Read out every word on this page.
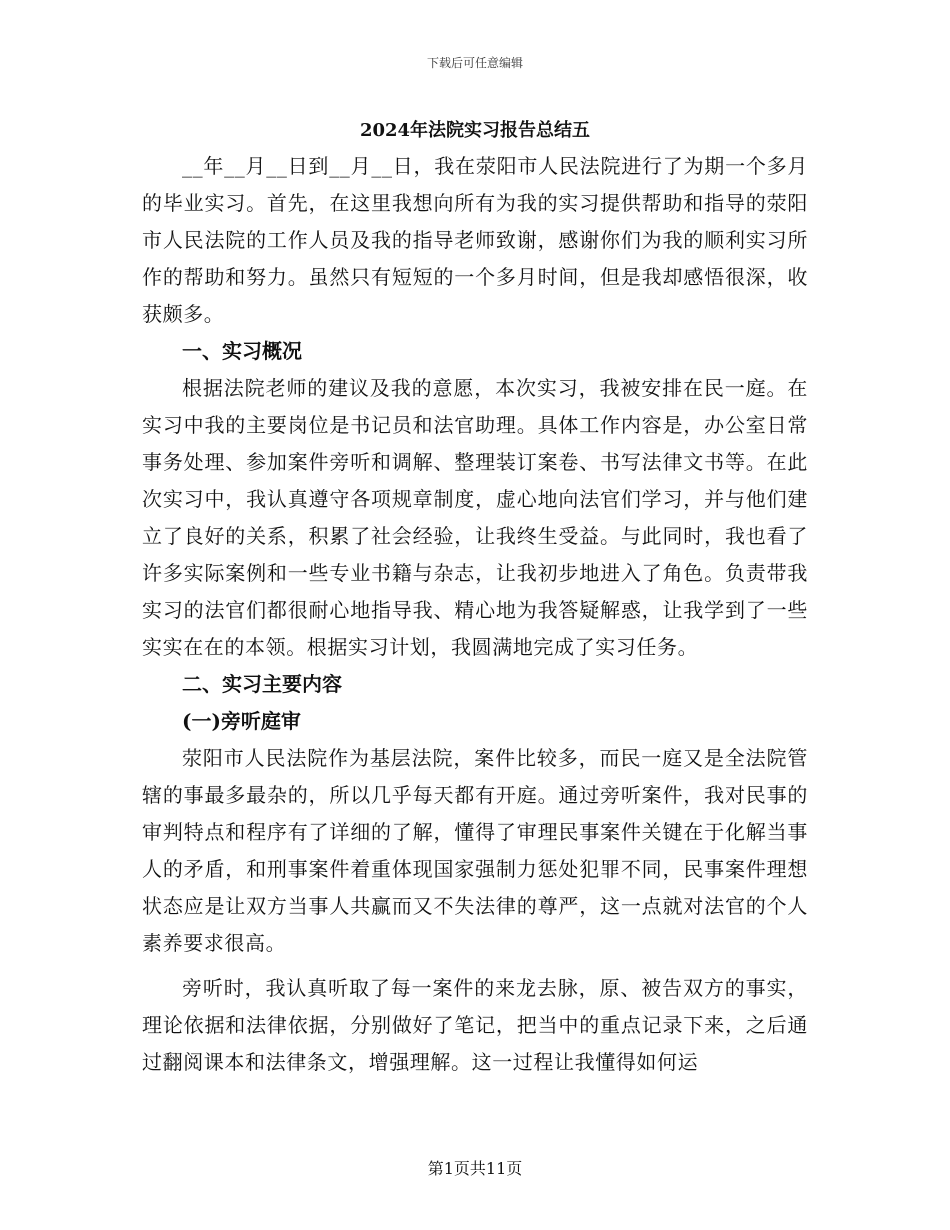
下载后可任意编辑
2024年法院实习报告总结五

__年__月__日到__月__日，我在荥阳市人民法院进行了为期一个多月的毕业实习。首先，在这里我想向所有为我的实习提供帮助和指导的荥阳市人民法院的工作人员及我的指导老师致谢，感谢你们为我的顺利实习所作的帮助和努力。虽然只有短短的一个多月时间，但是我却感悟很深，收获颇多。

一、实习概况

根据法院老师的建议及我的意愿，本次实习，我被安排在民一庭。在实习中我的主要岗位是书记员和法官助理。具体工作内容是，办公室日常事务处理、参加案件旁听和调解、整理装订案卷、书写法律文书等。在此次实习中，我认真遵守各项规章制度，虚心地向法官们学习，并与他们建立了良好的关系，积累了社会经验，让我终生受益。与此同时，我也看了许多实际案例和一些专业书籍与杂志，让我初步地进入了角色。负责带我实习的法官们都很耐心地指导我、精心地为我答疑解惑，让我学到了一些实实在在的本领。根据实习计划，我圆满地完成了实习任务。

二、实习主要内容
(一)旁听庭审

荥阳市人民法院作为基层法院，案件比较多，而民一庭又是全法院管辖的事最多最杂的，所以几乎每天都有开庭。通过旁听案件，我对民事的审判特点和程序有了详细的了解，懂得了审理民事案件关键在于化解当事人的矛盾，和刑事案件着重体现国家强制力惩处犯罪不同，民事案件理想状态应是让双方当事人共赢而又不失法律的尊严，这一点就对法官的个人素养要求很高。

旁听时，我认真听取了每一案件的来龙去脉，原、被告双方的事实，理论依据和法律依据，分别做好了笔记，把当中的重点记录下来，之后通过翻阅课本和法律条文，增强理解。这一过程让我懂得如何运

第1页共11页
